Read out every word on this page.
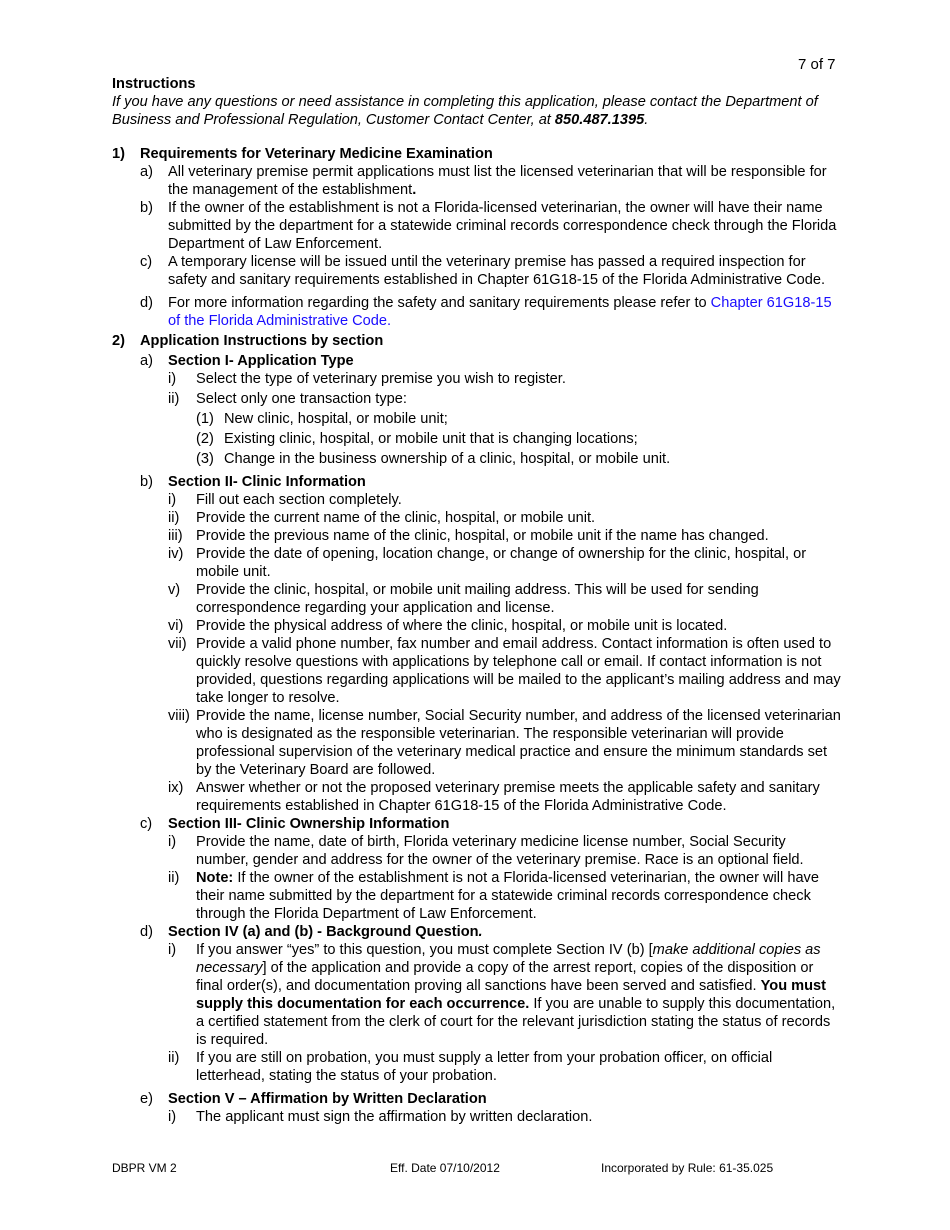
7 of 7
Instructions
If you have any questions or need assistance in completing this application, please contact the Department of Business and Professional Regulation, Customer Contact Center, at 850.487.1395.
1) Requirements for Veterinary Medicine Examination
a) All veterinary premise permit applications must list the licensed veterinarian that will be responsible for the management of the establishment.
b) If the owner of the establishment is not a Florida-licensed veterinarian, the owner will have their name submitted by the department for a statewide criminal records correspondence check through the Florida Department of Law Enforcement.
c) A temporary license will be issued until the veterinary premise has passed a required inspection for safety and sanitary requirements established in Chapter 61G18-15 of the Florida Administrative Code.
d) For more information regarding the safety and sanitary requirements please refer to Chapter 61G18-15 of the Florida Administrative Code.
2) Application Instructions by section
a) Section I- Application Type
i) Select the type of veterinary premise you wish to register.
ii) Select only one transaction type:
(1) New clinic, hospital, or mobile unit;
(2) Existing clinic, hospital, or mobile unit that is changing locations;
(3) Change in the business ownership of a clinic, hospital, or mobile unit.
b) Section II- Clinic Information
i) Fill out each section completely.
ii) Provide the current name of the clinic, hospital, or mobile unit.
iii) Provide the previous name of the clinic, hospital, or mobile unit if the name has changed.
iv) Provide the date of opening, location change, or change of ownership for the clinic, hospital, or mobile unit.
v) Provide the clinic, hospital, or mobile unit mailing address. This will be used for sending correspondence regarding your application and license.
vi) Provide the physical address of where the clinic, hospital, or mobile unit is located.
vii) Provide a valid phone number, fax number and email address. Contact information is often used to quickly resolve questions with applications by telephone call or email. If contact information is not provided, questions regarding applications will be mailed to the applicant’s mailing address and may take longer to resolve.
viii) Provide the name, license number, Social Security number, and address of the licensed veterinarian who is designated as the responsible veterinarian. The responsible veterinarian will provide professional supervision of the veterinary medical practice and ensure the minimum standards set by the Veterinary Board are followed.
ix) Answer whether or not the proposed veterinary premise meets the applicable safety and sanitary requirements established in Chapter 61G18-15 of the Florida Administrative Code.
c) Section III- Clinic Ownership Information
i) Provide the name, date of birth, Florida veterinary medicine license number, Social Security number, gender and address for the owner of the veterinary premise. Race is an optional field.
ii) Note: If the owner of the establishment is not a Florida-licensed veterinarian, the owner will have their name submitted by the department for a statewide criminal records correspondence check through the Florida Department of Law Enforcement.
d) Section IV (a) and (b) - Background Question.
i) If you answer “yes” to this question, you must complete Section IV (b) [make additional copies as necessary] of the application and provide a copy of the arrest report, copies of the disposition or final order(s), and documentation proving all sanctions have been served and satisfied. You must supply this documentation for each occurrence. If you are unable to supply this documentation, a certified statement from the clerk of court for the relevant jurisdiction stating the status of records is required.
ii) If you are still on probation, you must supply a letter from your probation officer, on official letterhead, stating the status of your probation.
e) Section V – Affirmation by Written Declaration
i) The applicant must sign the affirmation by written declaration.
DBPR VM 2	Eff. Date 07/10/2012	Incorporated by Rule: 61-35.025
